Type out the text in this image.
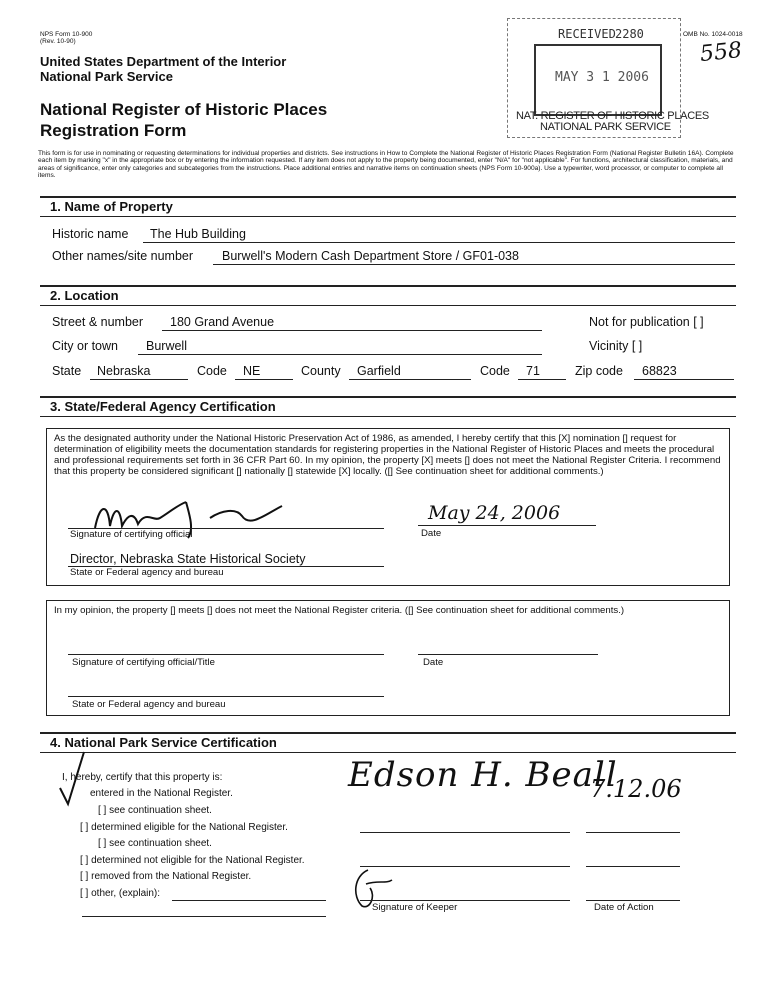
NPS Form 10-900
(Rev. 10-90)
United States Department of the Interior
National Park Service
National Register of Historic Places
Registration Form
OMB No. 1024-0018
558
RECEIVED 2280
MAY 3 1 2006
NAT. REGISTER OF HISTORIC PLACES
NATIONAL PARK SERVICE
This form is for use in nominating or requesting determinations for individual properties and districts. See instructions in How to Complete the National Register of Historic Places Registration Form (National Register Bulletin 16A). Complete each item by marking "x" in the appropriate box or by entering the information requested. If any item does not apply to the property being documented, enter "N/A" for "not applicable". For functions, architectural classification, materials, and areas of significance, enter only categories and subcategories from the instructions. Place additional entries and narrative items on continuation sheets (NPS Form 10-900a). Use a typewriter, word processor, or computer to complete all items.
1. Name of Property
Historic name The Hub Building
Other names/site number Burwell's Modern Cash Department Store / GF01-038
2. Location
Street & number 180 Grand Avenue	Not for publication [ ]
City or town Burwell	Vicinity [ ]
State Nebraska	Code NE	County Garfield	Code 71	Zip code 68823
3. State/Federal Agency Certification
As the designated authority under the National Historic Preservation Act of 1986, as amended, I hereby certify that this [X] nomination [] request for determination of eligibility meets the documentation standards for registering properties in the National Register of Historic Places and meets the procedural and professional requirements set forth in 36 CFR Part 60. In my opinion, the property [X] meets [] does not meet the National Register Criteria. I recommend that this property be considered significant [] nationally [] statewide [X] locally. ([] See continuation sheet for additional comments.)
Signature of certifying official
May 24, 2006
Date
Director, Nebraska State Historical Society
State or Federal agency and bureau
In my opinion, the property [] meets [] does not meet the National Register criteria. ([] See continuation sheet for additional comments.)
Signature of certifying official/Title	Date
State or Federal agency and bureau
4. National Park Service Certification
I, hereby, certify that this property is:
entered in the National Register.
[ ] see continuation sheet.
[ ] determined eligible for the National Register.
[ ] see continuation sheet.
[ ] determined not eligible for the National Register.
[ ] removed from the National Register.
[ ] other, (explain):
Edson H. Beall
7.12.06
Signature of Keeper	Date of Action
